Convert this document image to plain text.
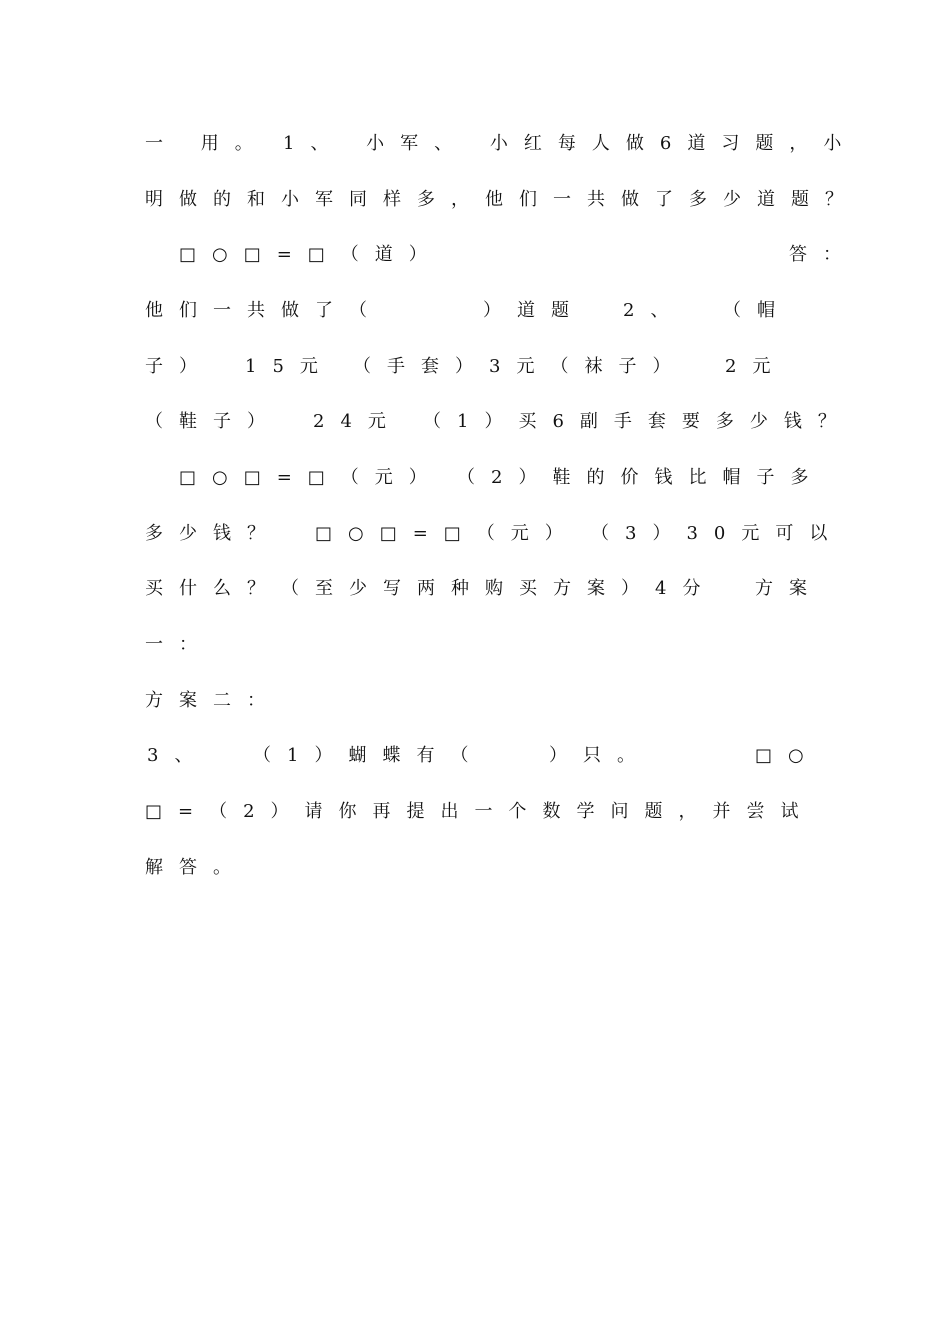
一 用。 1、 小军、 小红每人做6道习题，小
明做的和小军同样多，他们一共做了多少道题？
□○□=□（道）	答：
他们一共做了（	）道题 2、 （帽
子） 15元 （手套）3元（袜子） 2元
（鞋子） 24元 （1）买6副手套要多少钱？
□○□=□（元） （2）鞋的价钱比帽子多
多少钱？ □○□=□（元） （3）30元可以
买什么？（至少写两种购买方案）4分 方案
一：
方案二：
3、 （1）蝴蝶有（	）只。	□○
□=（2）请你再提出一个数学问题，并尝试
解答。
